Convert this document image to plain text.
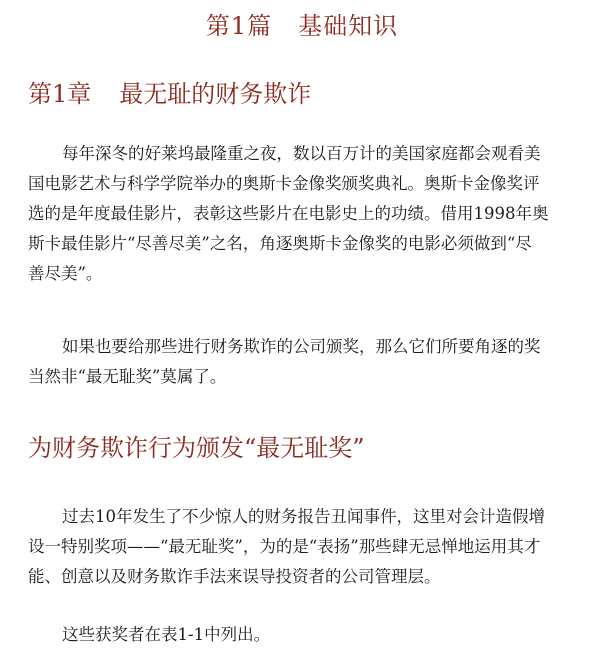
第1篇 基础知识
第1章 最无耻的财务欺诈
每年深冬的好莱坞最隆重之夜，数以百万计的美国家庭都会观看美
国电影艺术与科学学院举办的奥斯卡金像奖颁奖典礼。奥斯卡金像奖评
选的是年度最佳影片，表彰这些影片在电影史上的功绩。借用1998年奥
斯卡最佳影片“尽善尽美”之名，角逐奥斯卡金像奖的电影必须做到“尽
善尽美”。
如果也要给那些进行财务欺诈的公司颁奖，那么它们所要角逐的奖
当然非“最无耻奖”莫属了。
为财务欺诈行为颁发“最无耻奖”
过去10年发生了不少惊人的财务报告丑闻事件，这里对会计造假增
设一特别奖项——“最无耻奖”，为的是“表扬”那些肆无忌惮地运用其才
能、创意以及财务欺诈手法来误导投资者的公司管理层。
这些获奖者在表1-1中列出。
